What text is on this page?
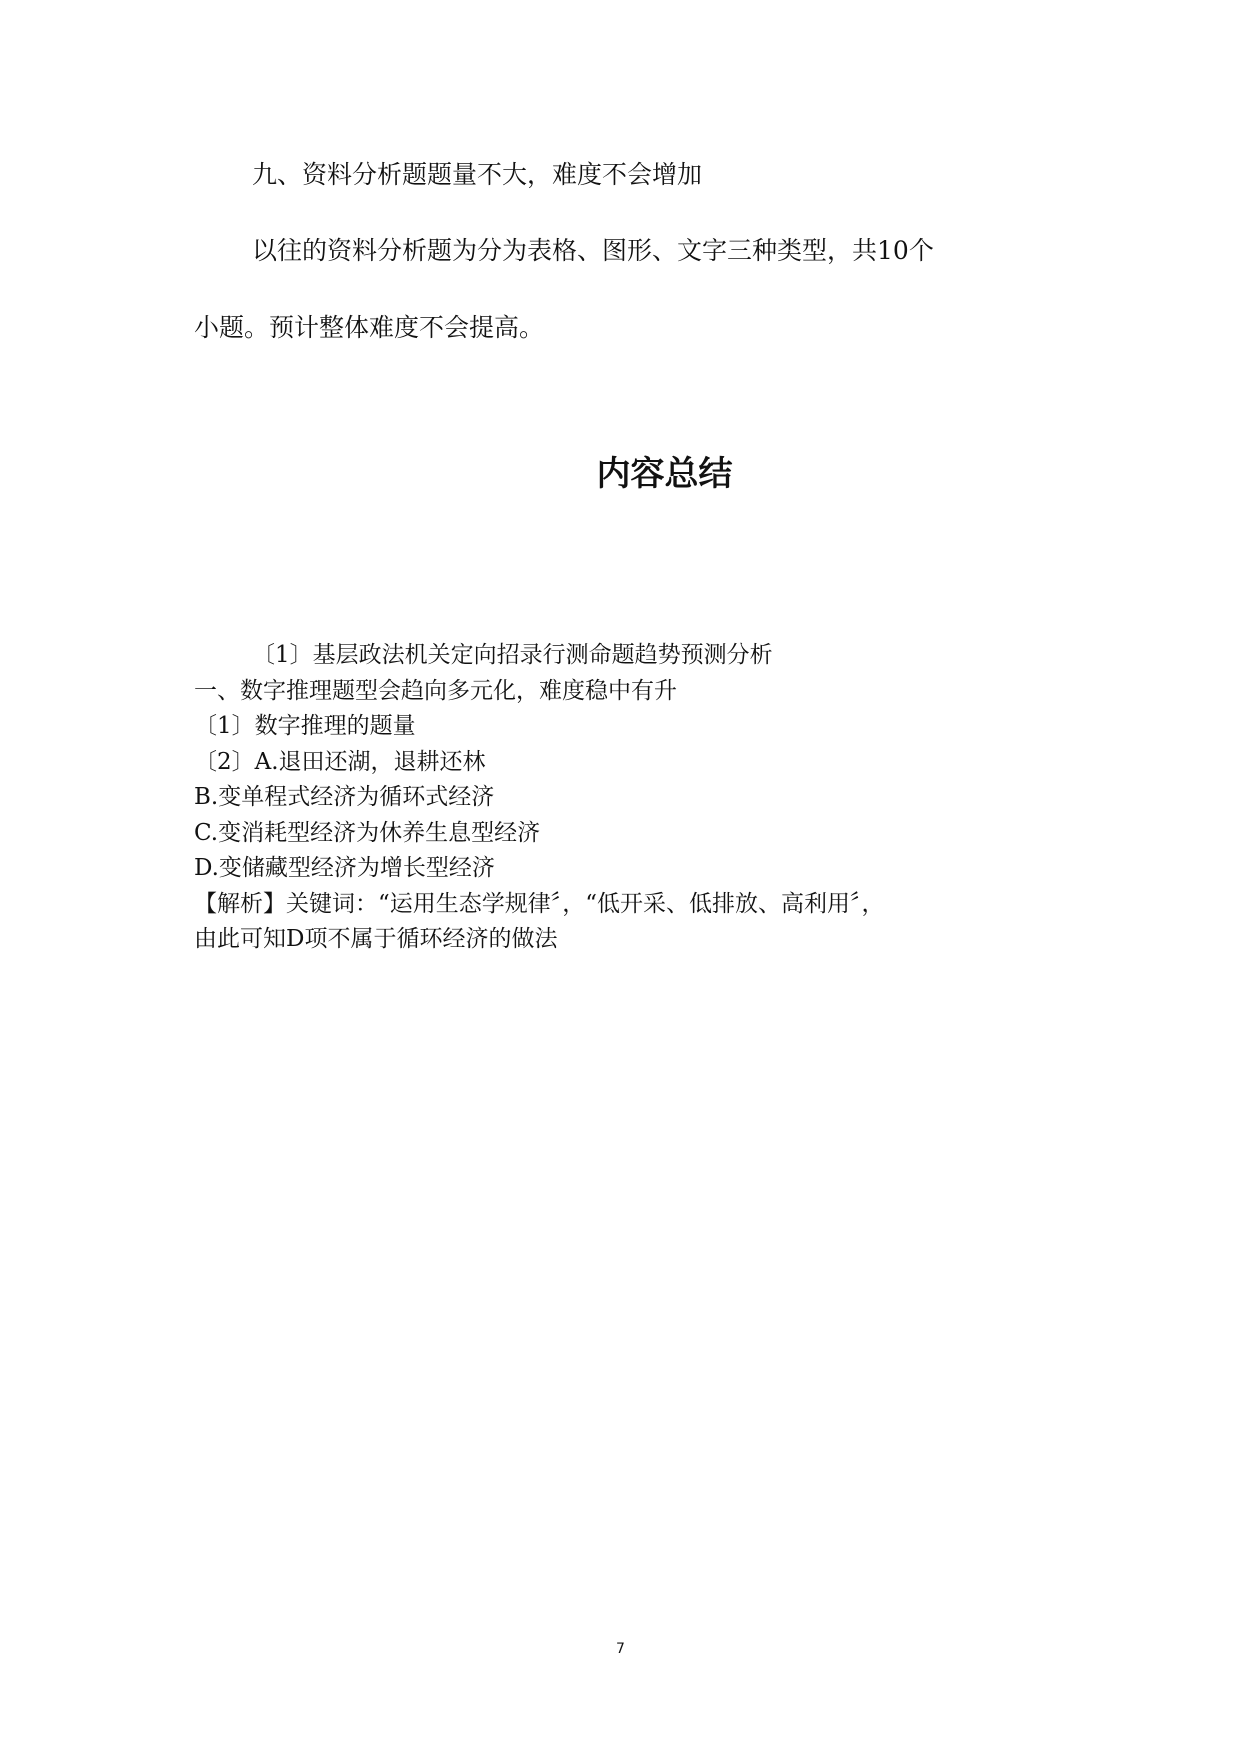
九、资料分析题题量不大，难度不会增加

以往的资料分析题为分为表格、图形、文字三种类型，共10个

小题。预计整体难度不会提高。

内容总结
〔1〕基层政法机关定向招录行测命题趋势预测分析
一、数字推理题型会趋向多元化，难度稳中有升
〔1〕数字推理的题量
〔2〕A.退田还湖，退耕还林
B.变单程式经济为循环式经济
C.变消耗型经济为休养生息型经济
D.变储藏型经济为增长型经济
【解析】关键词：“运用生态学规律〞，“低开采、低排放、高利用〞，
由此可知D项不属于循环经济的做法
7
